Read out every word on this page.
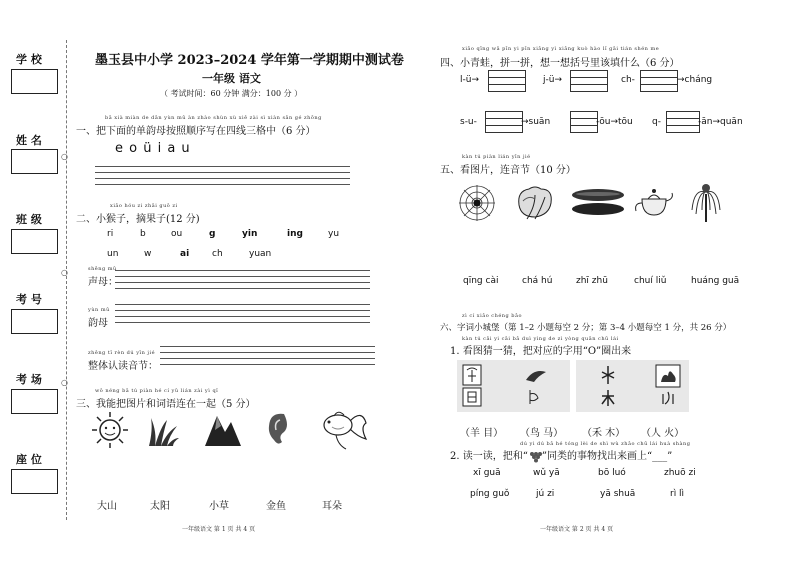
学 校
姓 名
班 级
考 号
考 场
座 位
○
○
○
墨玉县中小学 2023–2024 学年第一学期期中测试卷
一年级 语文
（ 考试时间：60 分钟 满分：100 分 ）
bǎ xià miàn de dān yùn mǔ àn zhào shùn xù xiě zài sì xiàn sān gé zhōng
一、把下面的单韵母按照顺序写在四线三格中（6 分）
e o ü i a u
xiǎo hóu zi zhāi guǒ zi
二、小猴子，摘果子(12 分)
ri	b	ou	g	yin	ing	yu
un	w	ai	ch	yuan
shēng mǔ
声母：
yùn mǔ
韵母
zhěng tǐ rèn dú yīn jié
整体认读音节：
wǒ néng bǎ tú piàn hé cí yǔ lián zài yì qǐ
三、我能把图片和词语连在一起（5 分）
大山	太阳	小草	金鱼	耳朵
一年级语文 第 1 页 共 4 页
xiǎo qīng wā pīn yi pīn xiǎng yì xiǎng kuò hào lǐ gāi tián shén me
四、小青蛙，拼一拼，想一想括号里该填什么（6 分）
l-ü→	j-ü→	ch-	→cháng
s-u-	→suān	-ōu→tōu q-	-ān→quān
kàn tú piàn lián yīn jié
五、看图片，连音节（10 分）
qīng cài	chá hú	zhī zhū	chuí liǔ	huáng guā
zì cí xiǎo chéng bǎo
六、字词小城堡（第 1–2 小题每空 2 分；第 3–4 小题每空 1 分，共 26 分）
kàn tú cāi yi cāi bǎ duì yìng de zì yòng quān chū lái
1. 看图猜一猜，把对应的字用“O”圈出来
（羊 目） （鸟 马） （禾 木） （人 火）
dú yi dú bǎ hé tóng lèi de shì wù zhǎo chū lái huà shàng
2. 读一读，把和“ ”同类的事物找出来画上“___”
xī guā	wǔ yā	bō luó	zhuō zi
píng guǒ	jú zi	yā shuā	rì lì
一年级语文 第 2 页 共 4 页
